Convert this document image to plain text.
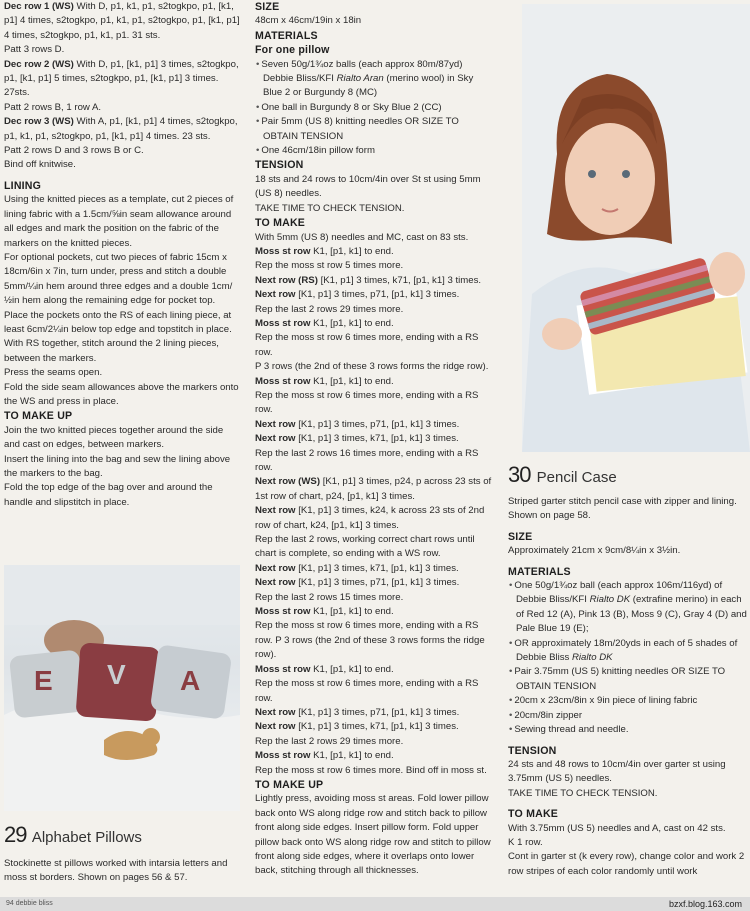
Dec row 1 (WS) With D, p1, k1, p1, s2togkpo, p1, [k1, p1] 4 times, s2togkpo, p1, k1, p1, s2togkpo, p1, [k1, p1] 4 times, s2togkpo, p1, k1, p1. 31 sts.

Patt 3 rows D.

Dec row 2 (WS) With D, p1, [k1, p1] 3 times, s2togkpo, p1, [k1, p1] 5 times, s2togkpo, p1, [k1, p1] 3 times. 27sts.

Patt 2 rows B, 1 row A.

Dec row 3 (WS) With A, p1, [k1, p1] 4 times, s2togkpo, p1, k1, p1, s2togkpo, p1, [k1, p1] 4 times. 23 sts.

Patt 2 rows D and 3 rows B or C.

Bind off knitwise.

LINING

Using the knitted pieces as a template, cut 2 pieces of lining fabric with a 1.5cm/⅝in seam allowance around all edges and mark the position on the fabric of the markers on the knitted pieces.

For optional pockets, cut two pieces of fabric 15cm x 18cm/6in x 7in, turn under, press and stitch a double 5mm/¼in hem around three edges and a double 1cm/½in hem along the remaining edge for pocket top.

Place the pockets onto the RS of each lining piece, at least 6cm/2¼in below top edge and topstitch in place.

With RS together, stitch around the 2 lining pieces, between the markers.

Press the seams open.

Fold the side seam allowances above the markers onto the WS and press in place.

TO MAKE UP

Join the two knitted pieces together around the side and cast on edges, between markers.

Insert the lining into the bag and sew the lining above the markers to the bag.

Fold the top edge of the bag over and around the handle and slipstitch in place.

E V A

29 Alphabet Pillows

Stockinette st pillows worked with intarsia letters and moss st borders. Shown on pages 56 & 57.

SIZE

48cm x 46cm/19in x 18in

MATERIALS

For one pillow

• Seven 50g/1¾oz balls (each approx 80m/87yd) Debbie Bliss/KFI Rialto Aran (merino wool) in Sky Blue 2 or Burgundy 8 (MC)

• One ball in Burgundy 8 or Sky Blue 2 (CC)

• Pair 5mm (US 8) knitting needles OR SIZE TO OBTAIN TENSION

• One 46cm/18in pillow form

TENSION

18 sts and 24 rows to 10cm/4in over St st using 5mm (US 8) needles.

TAKE TIME TO CHECK TENSION.

TO MAKE

With 5mm (US 8) needles and MC, cast on 83 sts.

Moss st row K1, [p1, k1] to end.

Rep the moss st row 5 times more.

Next row (RS) [K1, p1] 3 times, k71, [p1, k1] 3 times.

Next row [K1, p1] 3 times, p71, [p1, k1] 3 times.

Rep the last 2 rows 29 times more.

Moss st row K1, [p1, k1] to end.

Rep the moss st row 6 times more, ending with a RS row.

P 3 rows (the 2nd of these 3 rows forms the ridge row).

Moss st row K1, [p1, k1] to end.

Rep the moss st row 6 times more, ending with a RS row.

Next row [K1, p1] 3 times, p71, [p1, k1] 3 times.

Next row [K1, p1] 3 times, k71, [p1, k1] 3 times.

Rep the last 2 rows 16 times more, ending with a RS row.

Next row (WS) [K1, p1] 3 times, p24, p across 23 sts of 1st row of chart, p24, [p1, k1] 3 times.

Next row [K1, p1] 3 times, k24, k across 23 sts of 2nd row of chart, k24, [p1, k1] 3 times.

Rep the last 2 rows, working correct chart rows until chart is complete, so ending with a WS row.

Next row [K1, p1] 3 times, k71, [p1, k1] 3 times.

Next row [K1, p1] 3 times, p71, [p1, k1] 3 times.

Rep the last 2 rows 15 times more.

Moss st row K1, [p1, k1] to end.

Rep the moss st row 6 times more, ending with a RS row. P 3 rows (the 2nd of these 3 rows forms the ridge row).

Moss st row K1, [p1, k1] to end.

Rep the moss st row 6 times more, ending with a RS row.

Next row [K1, p1] 3 times, p71, [p1, k1] 3 times.

Next row [K1, p1] 3 times, k71, [p1, k1] 3 times.

Rep the last 2 rows 29 times more.

Moss st row K1, [p1, k1] to end.

Rep the moss st row 6 times more. Bind off in moss st.

TO MAKE UP

Lightly press, avoiding moss st areas. Fold lower pillow back onto WS along ridge row and stitch back to pillow front along side edges. Insert pillow form. Fold upper pillow back onto WS along ridge row and stitch to pillow front along side edges, where it overlaps onto lower back, stitching through all thicknesses.

30 Pencil Case

Striped garter stitch pencil case with zipper and lining. Shown on page 58.

SIZE

Approximately 21cm x 9cm/8¼in x 3½in.

MATERIALS

• One 50g/1¾oz ball (each approx 106m/116yd) of Debbie Bliss/KFI Rialto DK (extrafine merino) in each of Red 12 (A), Pink 13 (B), Moss 9 (C), Gray 4 (D) and Pale Blue 19 (E);

• OR approximately 18m/20yds in each of 5 shades of Debbie Bliss Rialto DK

• Pair 3.75mm (US 5) knitting needles OR SIZE TO OBTAIN TENSION

• 20cm x 23cm/8in x 9in piece of lining fabric

• 20cm/8in zipper

• Sewing thread and needle.

TENSION

24 sts and 48 rows to 10cm/4in over garter st using 3.75mm (US 5) needles.

TAKE TIME TO CHECK TENSION.

TO MAKE

With 3.75mm (US 5) needles and A, cast on 42 sts.

K 1 row.

Cont in garter st (k every row), change color and work 2 row stripes of each color randomly until work

94 debbie bliss	bzxf.blog.163.com
